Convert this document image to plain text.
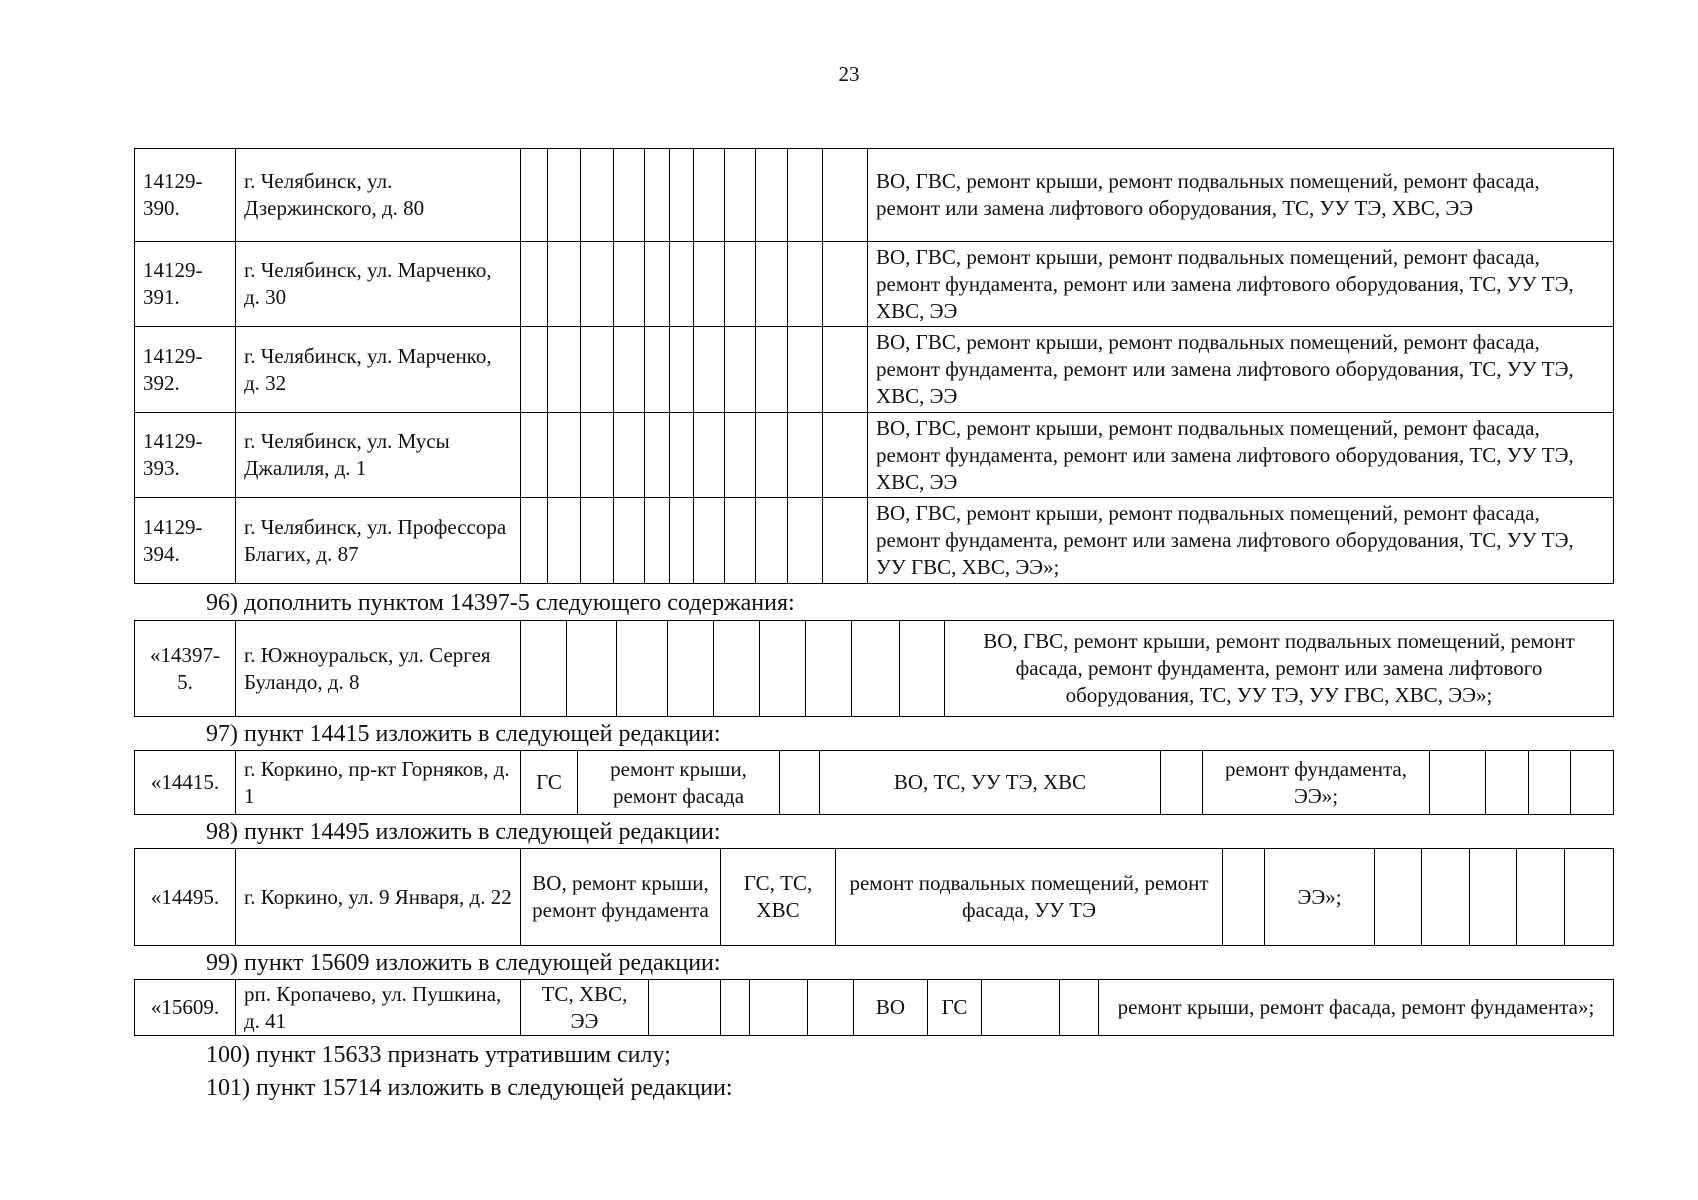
23
14129-390.	г. Челябинск, ул. Дзержинского, д. 80												ВО, ГВС, ремонт крыши, ремонт подвальных помещений, ремонт фасада, ремонт или замена лифтового оборудования, ТС, УУ ТЭ, ХВС, ЭЭ
14129-391.	г. Челябинск, ул. Марченко, д. 30												ВО, ГВС, ремонт крыши, ремонт подвальных помещений, ремонт фасада, ремонт фундамента, ремонт или замена лифтового оборудования, ТС, УУ ТЭ, ХВС, ЭЭ
14129-392.	г. Челябинск, ул. Марченко, д. 32												ВО, ГВС, ремонт крыши, ремонт подвальных помещений, ремонт фасада, ремонт фундамента, ремонт или замена лифтового оборудования, ТС, УУ ТЭ, ХВС, ЭЭ
14129-393.	г. Челябинск, ул. Мусы Джалиля, д. 1												ВО, ГВС, ремонт крыши, ремонт подвальных помещений, ремонт фасада, ремонт фундамента, ремонт или замена лифтового оборудования, ТС, УУ ТЭ, ХВС, ЭЭ
14129-394.	г. Челябинск, ул. Профессора Благих, д. 87												ВО, ГВС, ремонт крыши, ремонт подвальных помещений, ремонт фасада, ремонт фундамента, ремонт или замена лифтового оборудования, ТС, УУ ТЭ, УУ ГВС, ХВС, ЭЭ»;
96) дополнить пунктом 14397-5 следующего содержания:
«14397-5.	г. Южноуральск, ул. Сергея Буландо, д. 8										ВО, ГВС, ремонт крыши, ремонт подвальных помещений, ремонт фасада, ремонт фундамента, ремонт или замена лифтового оборудования, ТС, УУ ТЭ, УУ ГВС, ХВС, ЭЭ»;
97) пункт 14415 изложить в следующей редакции:
«14415.	г. Коркино, пр-кт Горняков, д. 1	ГС	ремонт крыши, ремонт фасада		ВО, ТС, УУ ТЭ, ХВС		ремонт фундамента, ЭЭ»;				
98) пункт 14495 изложить в следующей редакции:
«14495.	г. Коркино, ул. 9 Января, д. 22	ВО, ремонт крыши, ремонт фундамента	ГС, ТС, ХВС	ремонт подвальных помещений, ремонт фасада, УУ ТЭ		ЭЭ»;					
99) пункт 15609 изложить в следующей редакции:
«15609.	рп. Кропачево, ул. Пушкина, д. 41	ТС, ХВС, ЭЭ					ВО	ГС			ремонт крыши, ремонт фасада, ремонт фундамента»;
100) пункт 15633 признать утратившим силу;
101) пункт 15714 изложить в следующей редакции:
